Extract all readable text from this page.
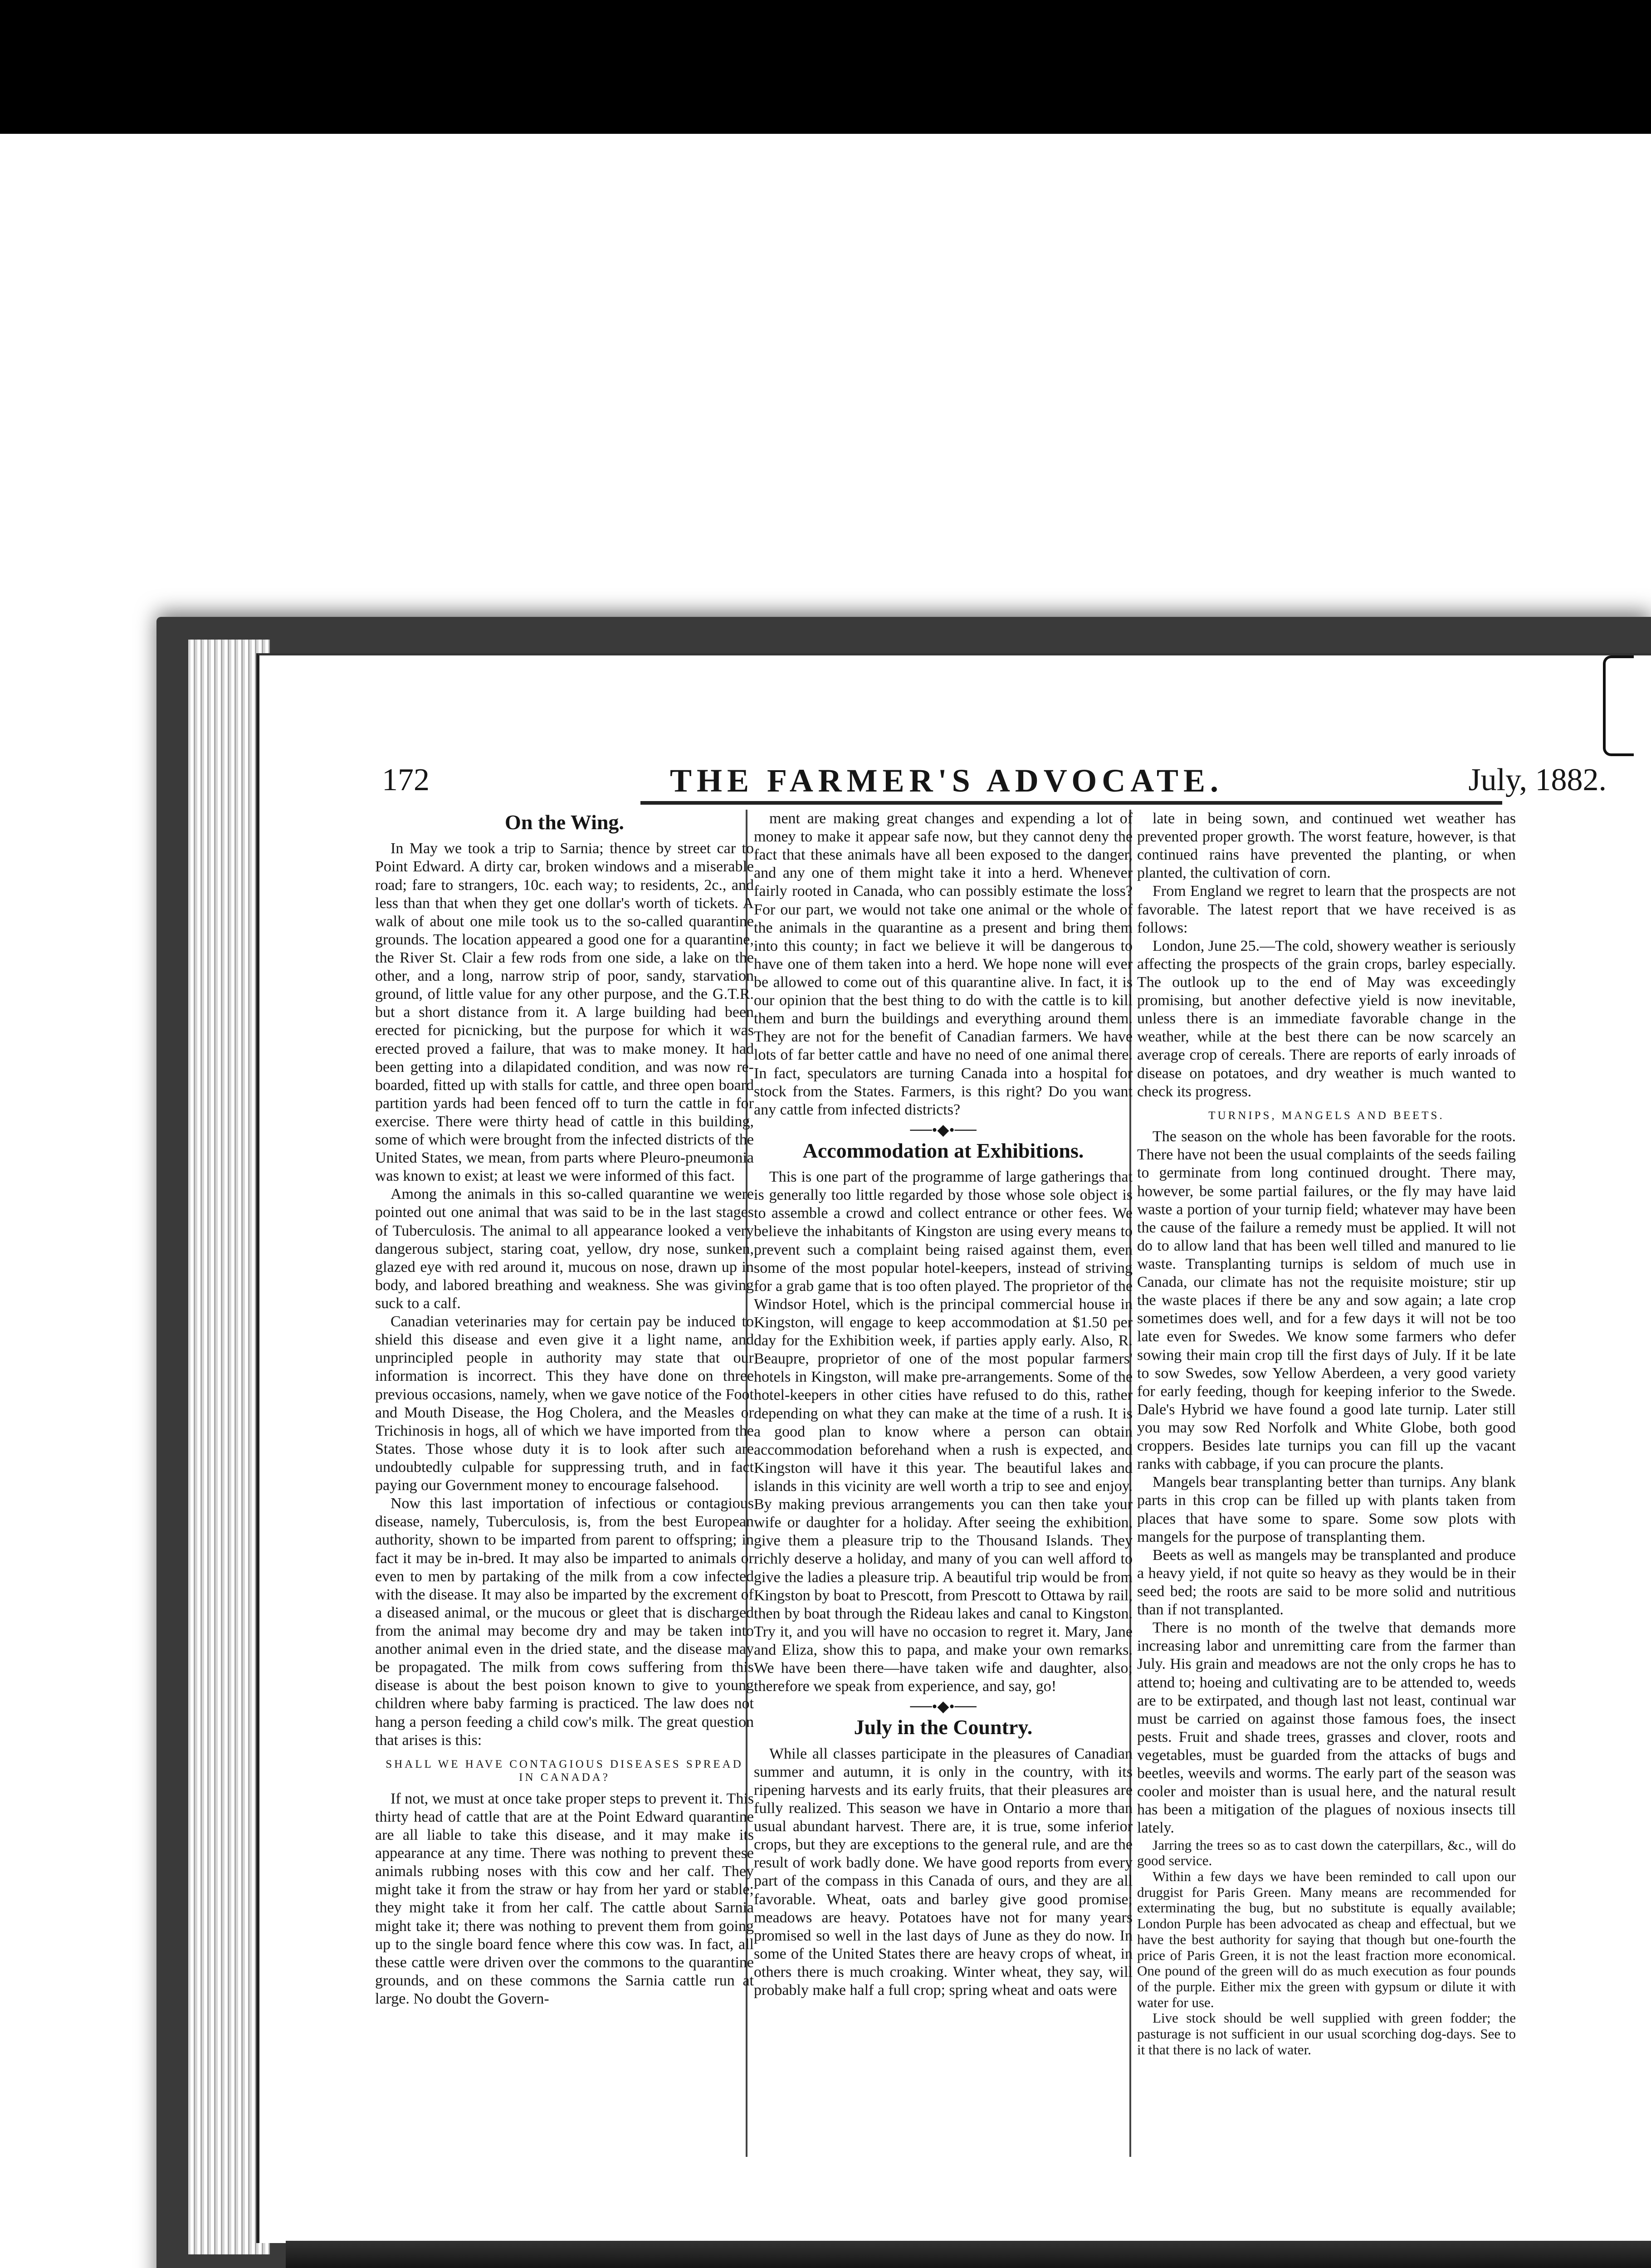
172	THE FARMER'S ADVOCATE.	July, 1882.
On the Wing.

In May we took a trip to Sarnia; thence by street car to Point Edward. A dirty car, broken windows and a miserable road; fare to strangers, 10c. each way; to residents, 2c., and less than that when they get one dollar's worth of tickets. A walk of about one mile took us to the so-called quarantine grounds. The location appeared a good one for a quarantine, the River St. Clair a few rods from one side, a lake on the other, and a long, narrow strip of poor, sandy, starvation ground, of little value for any other purpose, and the G.T.R. but a short distance from it. A large building had been erected for picnicking, but the purpose for which it was erected proved a failure, that was to make money. It had been getting into a dilapidated condition, and was now re-boarded, fitted up with stalls for cattle, and three open board partition yards had been fenced off to turn the cattle in for exercise. There were thirty head of cattle in this building, some of which were brought from the infected districts of the United States, we mean, from parts where Pleuro-pneumonia was known to exist; at least we were informed of this fact.

Among the animals in this so-called quarantine we were pointed out one animal that was said to be in the last stages of Tuberculosis. The animal to all appearance looked a very dangerous subject, staring coat, yellow, dry nose, sunken, glazed eye with red around it, mucous on nose, drawn up in body, and labored breathing and weakness. She was giving suck to a calf.

Canadian veterinaries may for certain pay be induced to shield this disease and even give it a light name, and unprincipled people in authority may state that our information is incorrect. This they have done on three previous occasions, namely, when we gave notice of the Foot and Mouth Disease, the Hog Cholera, and the Measles or Trichinosis in hogs, all of which we have imported from the States. Those whose duty it is to look after such are undoubtedly culpable for suppressing truth, and in fact paying our Government money to encourage falsehood.

Now this last importation of infectious or contagious disease, namely, Tuberculosis, is, from the best European authority, shown to be imparted from parent to offspring; in fact it may be in-bred. It may also be imparted to animals or even to men by partaking of the milk from a cow infected with the disease. It may also be imparted by the excrement of a diseased animal, or the mucous or gleet that is discharged from the animal may become dry and may be taken into another animal even in the dried state, and the disease may be propagated. The milk from cows suffering from this disease is about the best poison known to give to young children where baby farming is practiced. The law does not hang a person feeding a child cow's milk. The great question that arises is this:

SHALL WE HAVE CONTAGIOUS DISEASES SPREAD IN CANADA?

If not, we must at once take proper steps to prevent it. This thirty head of cattle that are at the Point Edward quarantine are all liable to take this disease, and it may make its appearance at any time. There was nothing to prevent these animals rubbing noses with this cow and her calf. They might take it from the straw or hay from her yard or stable; they might take it from her calf. The cattle about Sarnia might take it; there was nothing to prevent them from going up to the single board fence where this cow was. In fact, all these cattle were driven over the commons to the quarantine grounds, and on these commons the Sarnia cattle run at large. No doubt the Govern-

ment are making great changes and expending a lot of money to make it appear safe now, but they cannot deny the fact that these animals have all been exposed to the danger, and any one of them might take it into a herd. Whenever fairly rooted in Canada, who can possibly estimate the loss? For our part, we would not take one animal or the whole of the animals in the quarantine as a present and bring them into this county; in fact we believe it will be dangerous to have one of them taken into a herd. We hope none will ever be allowed to come out of this quarantine alive. In fact, it is our opinion that the best thing to do with the cattle is to kill them and burn the buildings and everything around them. They are not for the benefit of Canadian farmers. We have lots of far better cattle and have no need of one animal there. In fact, speculators are turning Canada into a hospital for stock from the States. Farmers, is this right? Do you want any cattle from infected districts?

──•◆•──
Accommodation at Exhibitions.

This is one part of the programme of large gatherings that is generally too little regarded by those whose sole object is to assemble a crowd and collect entrance or other fees. We believe the inhabitants of Kingston are using every means to prevent such a complaint being raised against them, even some of the most popular hotel-keepers, instead of striving for a grab game that is too often played. The proprietor of the Windsor Hotel, which is the principal commercial house in Kingston, will engage to keep accommodation at $1.50 per day for the Exhibition week, if parties apply early. Also, R. Beaupre, proprietor of one of the most popular farmers' hotels in Kingston, will make pre-arrangements. Some of the hotel-keepers in other cities have refused to do this, rather depending on what they can make at the time of a rush. It is a good plan to know where a person can obtain accommodation beforehand when a rush is expected, and Kingston will have it this year. The beautiful lakes and islands in this vicinity are well worth a trip to see and enjoy. By making previous arrangements you can then take your wife or daughter for a holiday. After seeing the exhibition, give them a pleasure trip to the Thousand Islands. They richly deserve a holiday, and many of you can well afford to give the ladies a pleasure trip. A beautiful trip would be from Kingston by boat to Prescott, from Prescott to Ottawa by rail, then by boat through the Rideau lakes and canal to Kingston. Try it, and you will have no occasion to regret it. Mary, Jane and Eliza, show this to papa, and make your own remarks. We have been there—have taken wife and daughter, also; therefore we speak from experience, and say, go!

──•◆•──
July in the Country.

While all classes participate in the pleasures of Canadian summer and autumn, it is only in the country, with its ripening harvests and its early fruits, that their pleasures are fully realized. This season we have in Ontario a more than usual abundant harvest. There are, it is true, some inferior crops, but they are exceptions to the general rule, and are the result of work badly done. We have good reports from every part of the compass in this Canada of ours, and they are all favorable. Wheat, oats and barley give good promise; meadows are heavy. Potatoes have not for many years promised so well in the last days of June as they do now. In some of the United States there are heavy crops of wheat, in others there is much croaking. Winter wheat, they say, will probably make half a full crop; spring wheat and oats were

late in being sown, and continued wet weather has prevented proper growth. The worst feature, however, is that continued rains have prevented the planting, or when planted, the cultivation of corn.

From England we regret to learn that the prospects are not favorable. The latest report that we have received is as follows:

London, June 25.—The cold, showery weather is seriously affecting the prospects of the grain crops, barley especially. The outlook up to the end of May was exceedingly promising, but another defective yield is now inevitable, unless there is an immediate favorable change in the weather, while at the best there can be now scarcely an average crop of cereals. There are reports of early inroads of disease on potatoes, and dry weather is much wanted to check its progress.

TURNIPS, MANGELS AND BEETS.

The season on the whole has been favorable for the roots. There have not been the usual complaints of the seeds failing to germinate from long continued drought. There may, however, be some partial failures, or the fly may have laid waste a portion of your turnip field; whatever may have been the cause of the failure a remedy must be applied. It will not do to allow land that has been well tilled and manured to lie waste. Transplanting turnips is seldom of much use in Canada, our climate has not the requisite moisture; stir up the waste places if there be any and sow again; a late crop sometimes does well, and for a few days it will not be too late even for Swedes. We know some farmers who defer sowing their main crop till the first days of July. If it be late to sow Swedes, sow Yellow Aberdeen, a very good variety for early feeding, though for keeping inferior to the Swede. Dale's Hybrid we have found a good late turnip. Later still you may sow Red Norfolk and White Globe, both good croppers. Besides late turnips you can fill up the vacant ranks with cabbage, if you can procure the plants.

Mangels bear transplanting better than turnips. Any blank parts in this crop can be filled up with plants taken from places that have some to spare. Some sow plots with mangels for the purpose of transplanting them.

Beets as well as mangels may be transplanted and produce a heavy yield, if not quite so heavy as they would be in their seed bed; the roots are said to be more solid and nutritious than if not transplanted.

There is no month of the twelve that demands more increasing labor and unremitting care from the farmer than July. His grain and meadows are not the only crops he has to attend to; hoeing and cultivating are to be attended to, weeds are to be extirpated, and though last not least, continual war must be carried on against those famous foes, the insect pests. Fruit and shade trees, grasses and clover, roots and vegetables, must be guarded from the attacks of bugs and beetles, weevils and worms. The early part of the season was cooler and moister than is usual here, and the natural result has been a mitigation of the plagues of noxious insects till lately.

Jarring the trees so as to cast down the caterpillars, &c., will do good service.

Within a few days we have been reminded to call upon our druggist for Paris Green. Many means are recommended for exterminating the bug, but no substitute is equally available; London Purple has been advocated as cheap and effectual, but we have the best authority for saying that though but one-fourth the price of Paris Green, it is not the least fraction more economical. One pound of the green will do as much execution as four pounds of the purple. Either mix the green with gypsum or dilute it with water for use.

Live stock should be well supplied with green fodder; the pasturage is not sufficient in our usual scorching dog-days. See to it that there is no lack of water.
